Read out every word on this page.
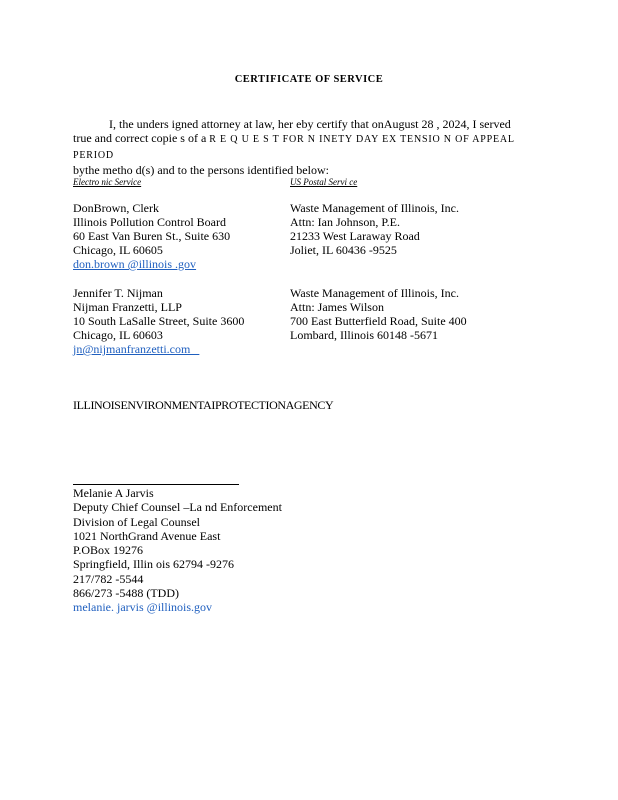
CERTIFICATE OF SERVICE
I, the unders igned attorney at law, her eby certify that onAugust 28 , 2024, I served
true and correct copie s of a R E Q U E S T FOR N INETY DAY EX TENSIO N OF APPEAL PERIOD
bythe metho d(s) and to the persons identified below:
Electro nic Service	US Postal Servi ce
DonBrown, Clerk
Illinois Pollution Control Board
60 East Van Buren St., Suite 630
Chicago, IL 60605
don.brown @illinois .gov
Waste Management of Illinois, Inc.
Attn: Ian Johnson, P.E.
21233 West Laraway Road
Joliet, IL 60436 -9525
Jennifer T. Nijman
Nijman Franzetti, LLP
10 South LaSalle Street, Suite 3600
Chicago, IL 60603
jn@nijmanfranzetti.com
Waste Management of Illinois, Inc.
Attn: James Wilson
700 East Butterfield Road, Suite 400
Lombard, Illinois 60148 -5671
ILLINOISENVIRONMENTAIPROTECTIONAGENCY
Melanie A Jarvis
Deputy Chief Counsel –La nd Enforcement
Division of Legal Counsel
1021 NorthGrand Avenue East
P.OBox 19276
Springfield, Illin ois 62794 -9276
217/782 -5544
866/273 -5488 (TDD)
melanie. jarvis @illinois.gov
